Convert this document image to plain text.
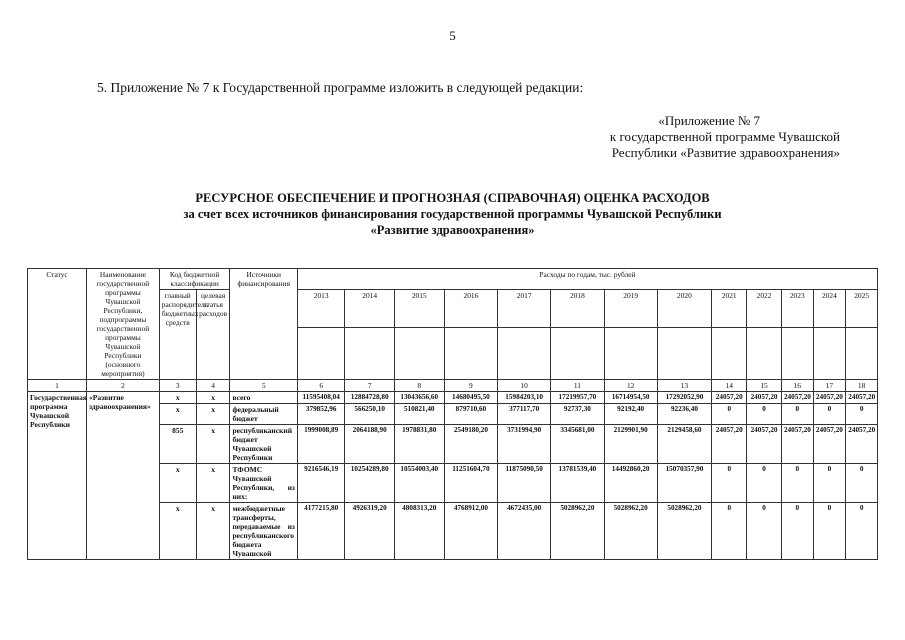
5
5. Приложение № 7 к Государственной программе изложить в следующей редакции:
«Приложение № 7
к государственной программе Чувашской
Республики «Развитие здравоохранения»
РЕСУРСНОЕ ОБЕСПЕЧЕНИЕ И ПРОГНОЗНАЯ (СПРАВОЧНАЯ) ОЦЕНКА РАСХОДОВ
за счет всех источников финансирования государственной программы Чувашской Республики
«Развитие здравоохранения»
Статус	Наименование государственной программы Чувашской Республики, подпрограммы государственной программы Чувашской Республики (основного мероприятия)	Код бюджетной классификации		Источники финансирования	Расходы по годам, тыс. рублей												
		главный распорядитель бюджетных средств	целевая статья расходов		2013	2014	2015	2016	2017	2018	2019	2020	2021	2022	2023	2024	2025

1	2	3	4	5	6	7	8	9	10	11	12	13	14	15	16	17	18
Государственная программа Чувашской Республики	«Развитие здравоохранения»	x	x	всего	11595408,04	12884728,80	13043656,60	14680495,50	15984203,10	17219957,70	16714954,50	17292052,90	24057,20	24057,20	24057,20	24057,20	24057,20
		x	x	федеральный бюджет	379852,96	566250,10	510821,40	879710,60	377117,70	92737,30	92192,40	92236,40	0	0	0	0	0
		855	x	республиканский бюджет Чувашской Республики	1999008,89	2064188,90	1978831,80	2549180,20	3731994,90	3345681,00	2129901,90	2129458,60	24057,20	24057,20	24057,20	24057,20	24057,20
		x	x	ТФОМС Чувашской Республики, из них:	9216546,19	10254289,80	10554003,40	11251604,70	11875090,50	13781539,40	14492860,20	15070357,90	0	0	0	0	0
		x	x	межбюджетные трансферты, передаваемые из республиканского бюджета Чувашской	4177215,80	4926319,20	4808313,20	4768912,00	4672435,00	5028962,20	5028962,20	5028962,20	0	0	0	0	0
